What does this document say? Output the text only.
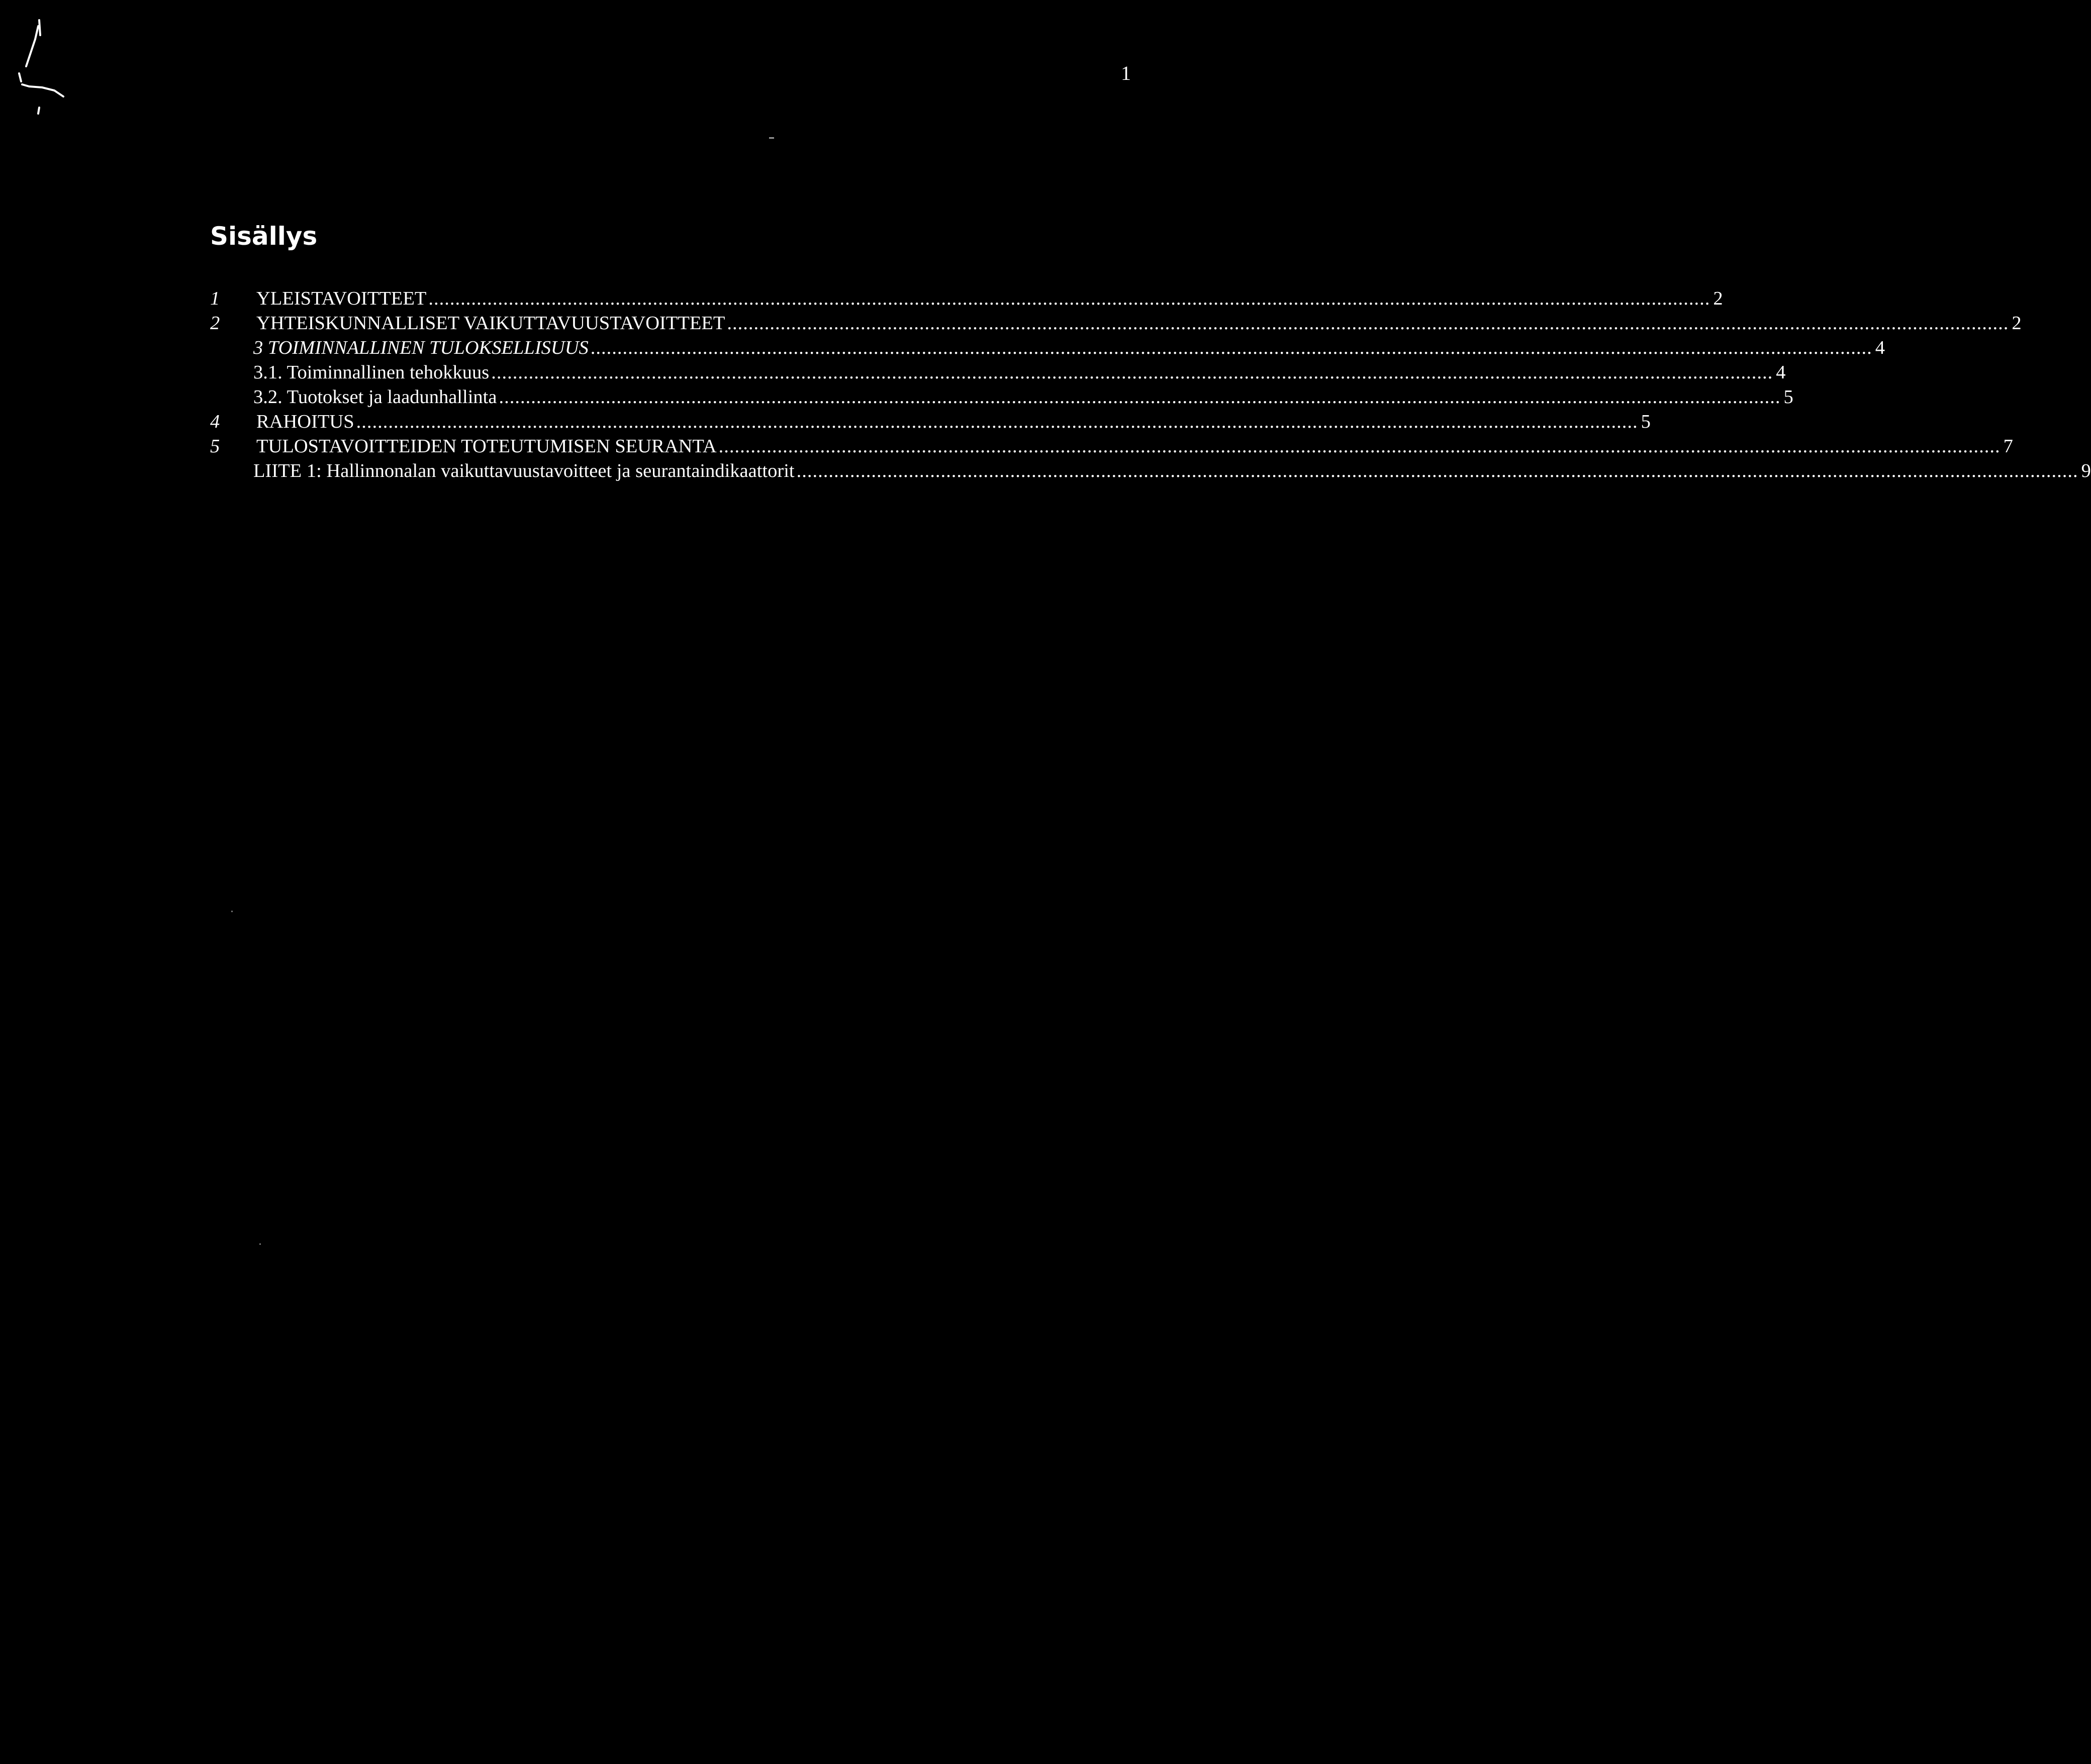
1
Sisällys
1	YLEISTAVOITTEET ................................................................................................................................................................................................................................................ 2
2	YHTEISKUNNALLISET VAIKUTTAVUUSTAVOITTEET ................................................................................................................................................................................................................................................ 2
3 TOIMINNALLINEN TULOKSELLISUUS ................................................................................................................................................................................................................................................ 4
3.1. Toiminnallinen tehokkuus ................................................................................................................................................................................................................................................ 4
3.2. Tuotokset ja laadunhallinta ................................................................................................................................................................................................................................................ 5
4	RAHOITUS ................................................................................................................................................................................................................................................ 5
5	TULOSTAVOITTEIDEN TOTEUTUMISEN SEURANTA ................................................................................................................................................................................................................................................ 7
LIITE 1: Hallinnonalan vaikuttavuustavoitteet ja seurantaindikaattorit ................................................................................................................................................................................................................................................ 9
